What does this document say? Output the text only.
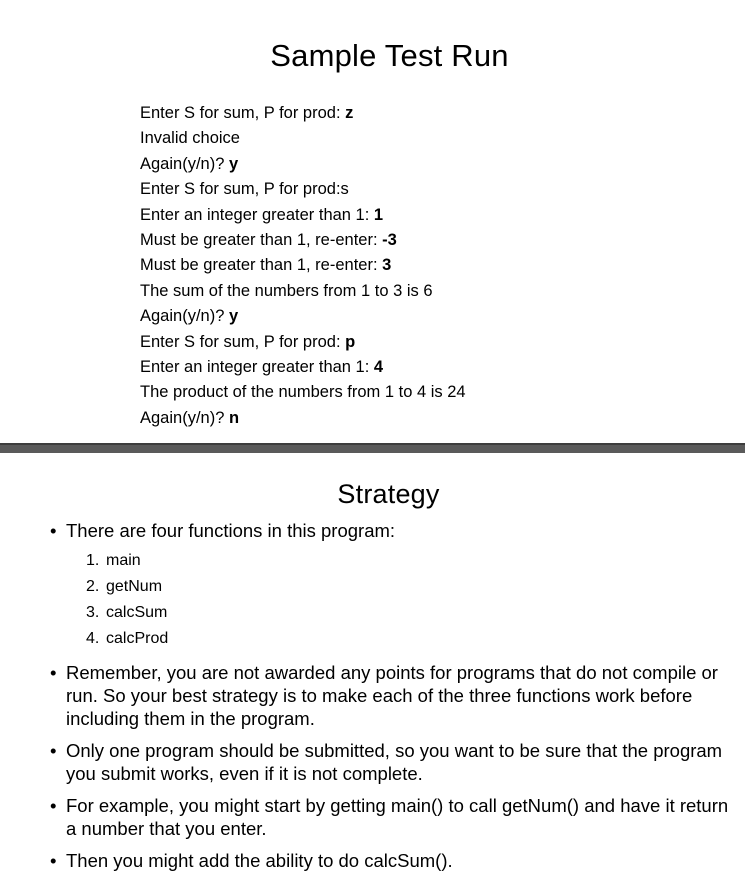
Sample Test Run
Enter S for sum, P for prod: z
Invalid choice
Again(y/n)? y
Enter S for sum, P for prod:s
Enter an integer greater than 1: 1
Must be greater than 1, re-enter: -3
Must be greater than 1, re-enter: 3
The sum of the numbers from 1 to 3 is 6
Again(y/n)? y
Enter S for sum, P for prod: p
Enter an integer greater than 1: 4
The product of the numbers from 1 to 4 is 24
Again(y/n)? n
Strategy
• There are four functions in this program:
1. main
2. getNum
3. calcSum
4. calcProd
• Remember, you are not awarded any points for programs that do not compile or run. So your best strategy is to make each of the three functions work before including them in the program.
• Only one program should be submitted, so you want to be sure that the program you submit works, even if it is not complete.
• For example, you might start by getting main() to call getNum() and have it return a number that you enter.
• Then you might add the ability to do calcSum().
